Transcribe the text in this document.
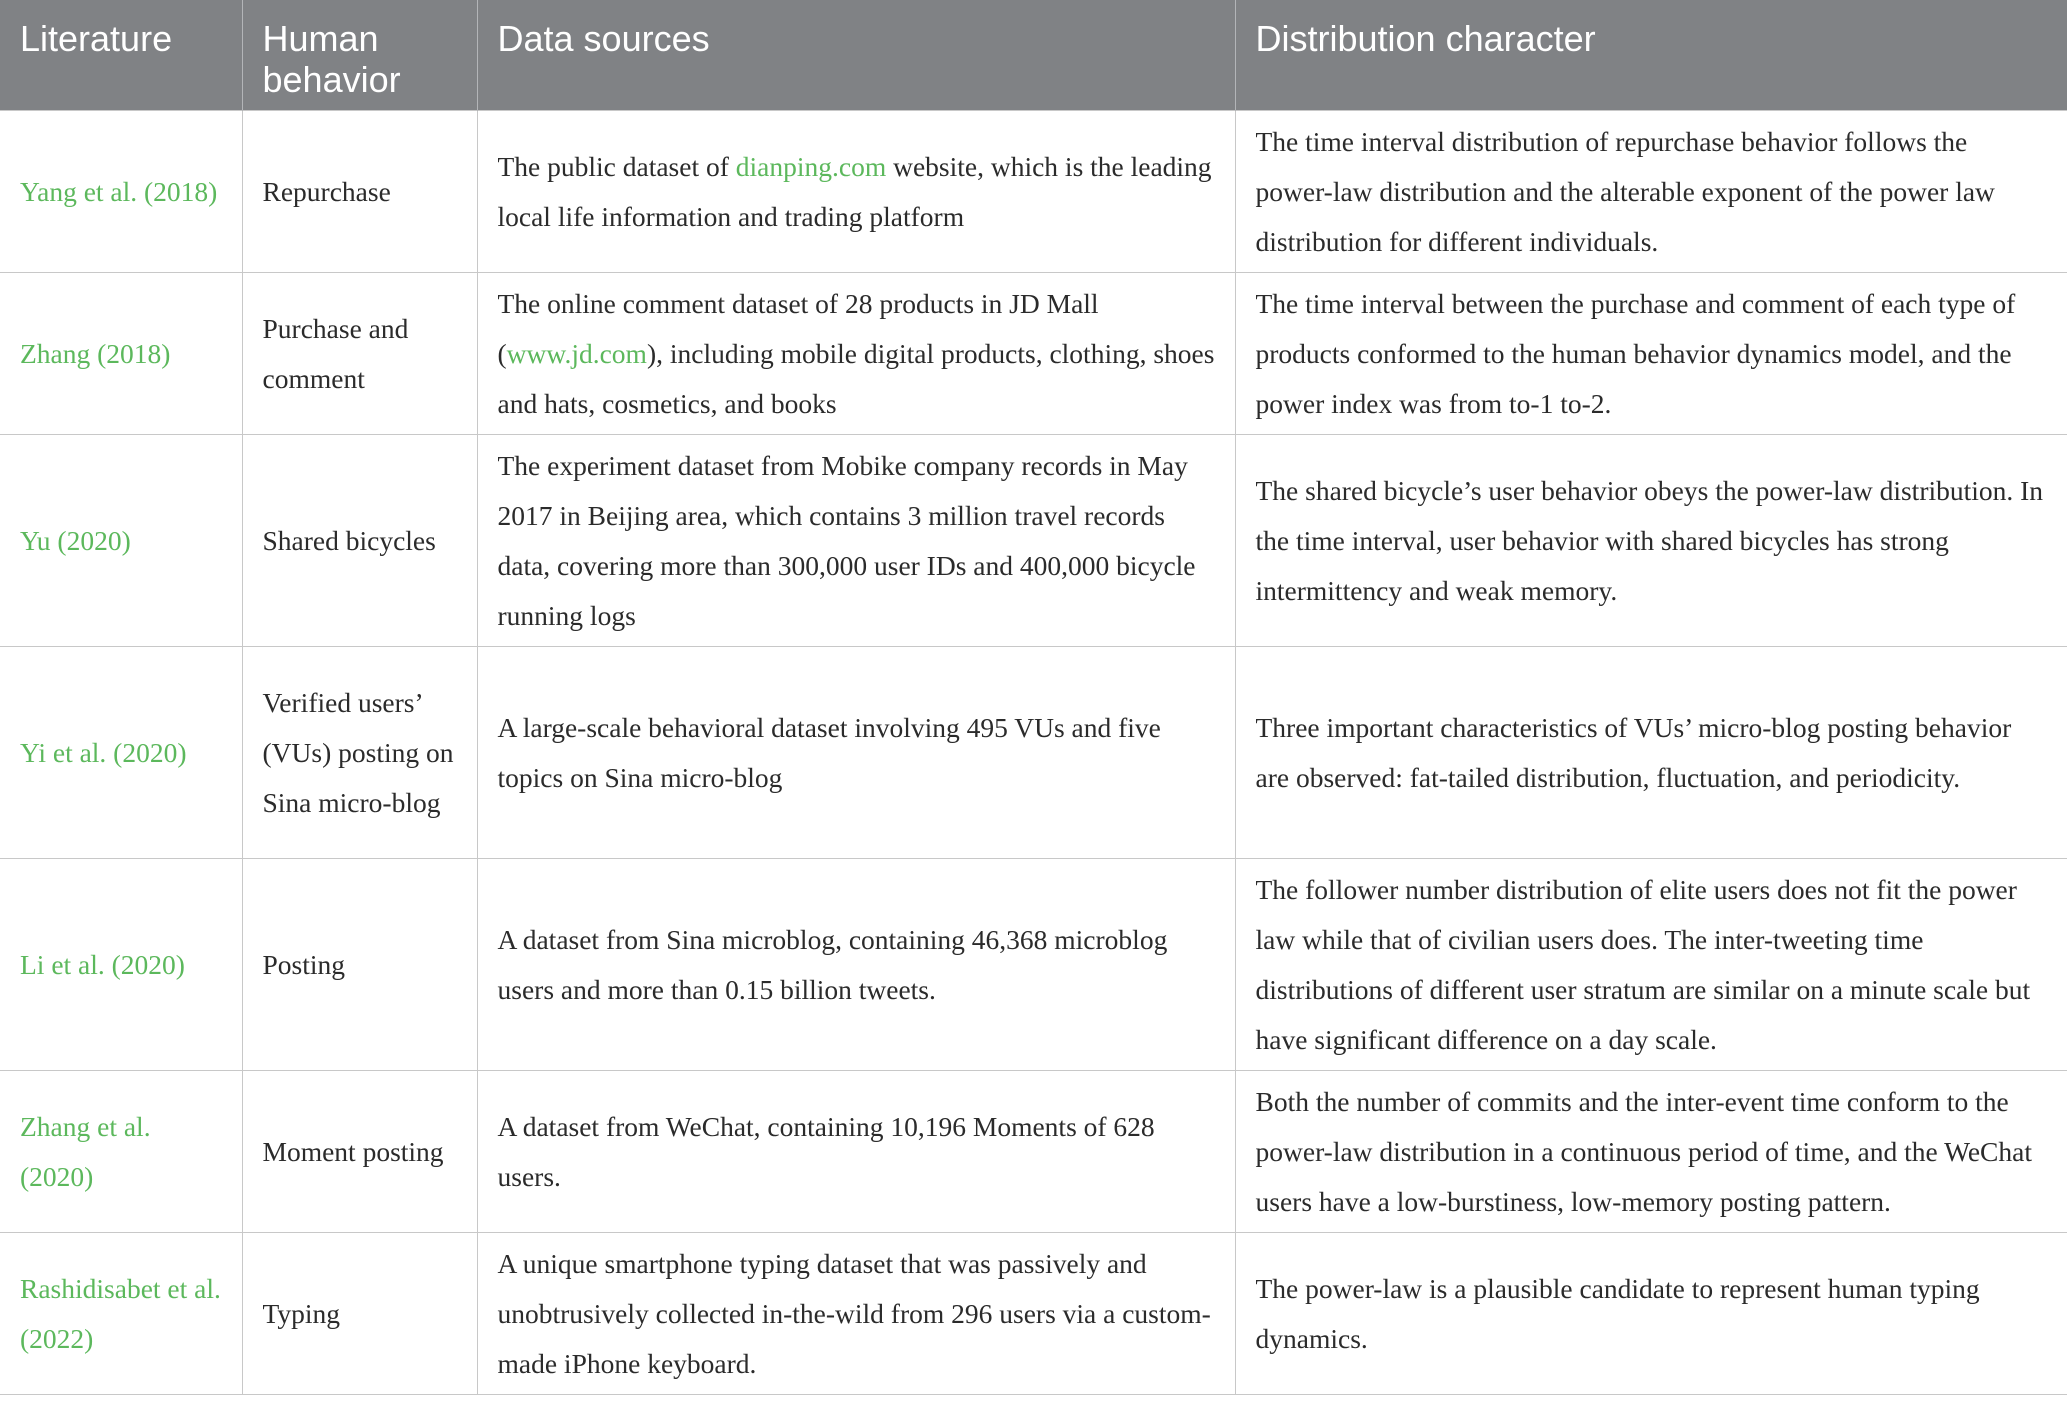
Literature	Human behavior	Data sources	Distribution character
Yang et al. (2018)	Repurchase	The public dataset of dianping.com website, which is the leading local life information and trading platform	The time interval distribution of repurchase behavior follows the power-law distribution and the alterable exponent of the power law distribution for different individuals.
Zhang (2018)	Purchase and comment	The online comment dataset of 28 products in JD Mall (www.jd.com), including mobile digital products, clothing, shoes and hats, cosmetics, and books	The time interval between the purchase and comment of each type of products conformed to the human behavior dynamics model, and the power index was from to-1 to-2.
Yu (2020)	Shared bicycles	The experiment dataset from Mobike company records in May 2017 in Beijing area, which contains 3 million travel records data, covering more than 300,000 user IDs and 400,000 bicycle running logs	The shared bicycle’s user behavior obeys the power-law distribution. In the time interval, user behavior with shared bicycles has strong intermittency and weak memory.
Yi et al. (2020)	Verified users’ (VUs) posting on Sina micro-blog	A large-scale behavioral dataset involving 495 VUs and five topics on Sina micro-blog	Three important characteristics of VUs’ micro-blog posting behavior are observed: fat-tailed distribution, fluctuation, and periodicity.
Li et al. (2020)	Posting	A dataset from Sina microblog, containing 46,368 microblog users and more than 0.15 billion tweets.	The follower number distribution of elite users does not fit the power law while that of civilian users does. The inter-tweeting time distributions of different user stratum are similar on a minute scale but have significant difference on a day scale.
Zhang et al. (2020)	Moment posting	A dataset from WeChat, containing 10,196 Moments of 628 users.	Both the number of commits and the inter-event time conform to the power-law distribution in a continuous period of time, and the WeChat users have a low-burstiness, low-memory posting pattern.
Rashidisabet et al. (2022)	Typing	A unique smartphone typing dataset that was passively and unobtrusively collected in-the-wild from 296 users via a custom-made iPhone keyboard.	The power-law is a plausible candidate to represent human typing dynamics.
